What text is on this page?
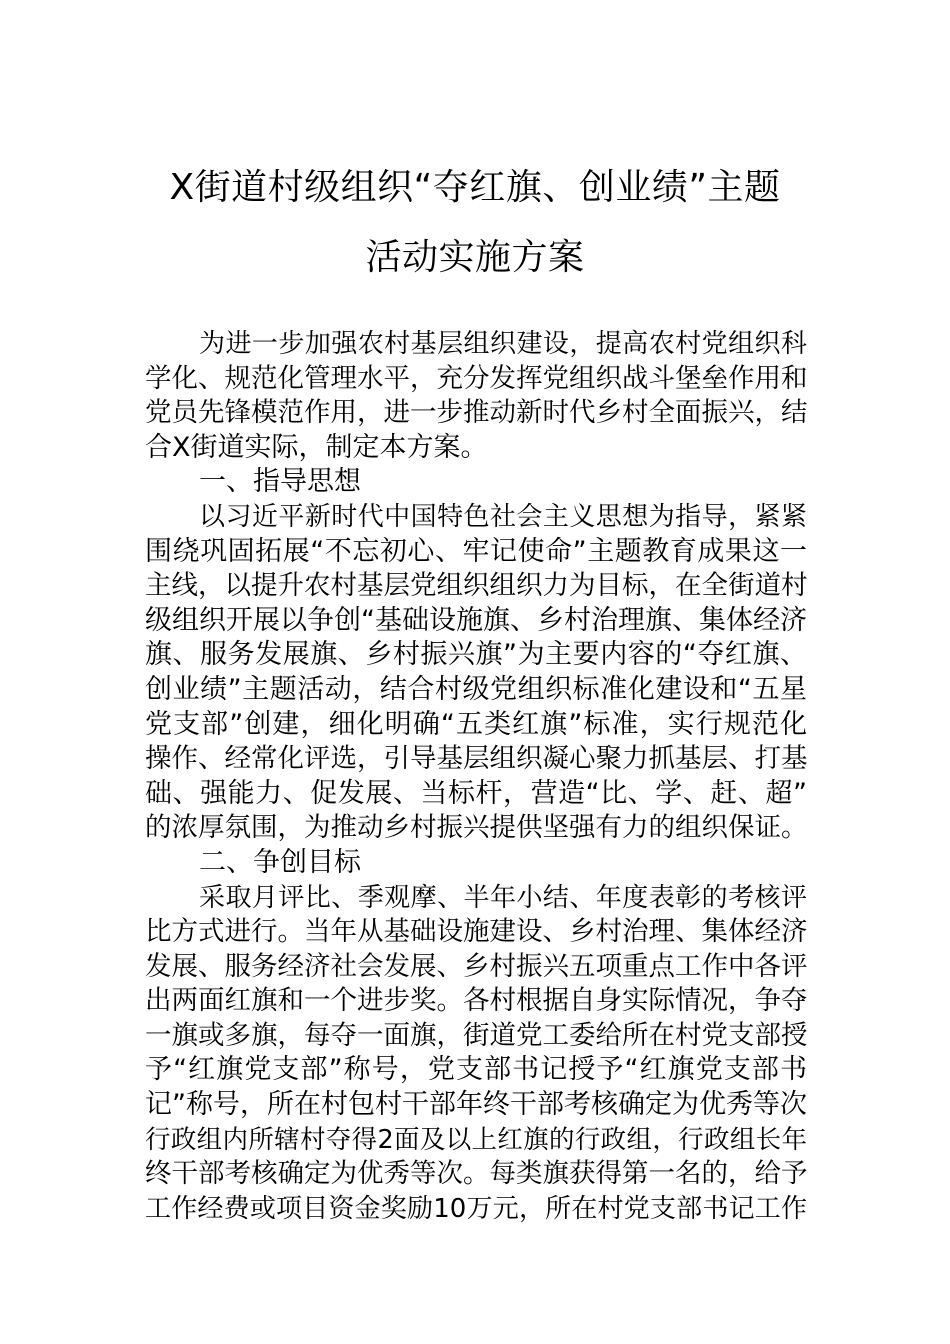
X街道村级组织“夺红旗、创业绩”主题
活动实施方案
为进一步加强农村基层组织建设，提高农村党组织科
学化、规范化管理水平，充分发挥党组织战斗堡垒作用和
党员先锋模范作用，进一步推动新时代乡村全面振兴，结
合X街道实际，制定本方案。
一、指导思想
以习近平新时代中国特色社会主义思想为指导，紧紧
围绕巩固拓展“不忘初心、牢记使命”主题教育成果这一
主线，以提升农村基层党组织组织力为目标，在全街道村
级组织开展以争创“基础设施旗、乡村治理旗、集体经济
旗、服务发展旗、乡村振兴旗”为主要内容的“夺红旗、
创业绩”主题活动，结合村级党组织标准化建设和“五星
党支部”创建，细化明确“五类红旗”标准，实行规范化
操作、经常化评选，引导基层组织凝心聚力抓基层、打基
础、强能力、促发展、当标杆，营造“比、学、赶、超”
的浓厚氛围，为推动乡村振兴提供坚强有力的组织保证。
二、争创目标
采取月评比、季观摩、半年小结、年度表彰的考核评
比方式进行。当年从基础设施建设、乡村治理、集体经济
发展、服务经济社会发展、乡村振兴五项重点工作中各评
出两面红旗和一个进步奖。各村根据自身实际情况，争夺
一旗或多旗，每夺一面旗，街道党工委给所在村党支部授
予“红旗党支部”称号，党支部书记授予“红旗党支部书
记”称号，所在村包村干部年终干部考核确定为优秀等次
行政组内所辖村夺得2面及以上红旗的行政组，行政组长年
终干部考核确定为优秀等次。每类旗获得第一名的，给予
工作经费或项目资金奖励10万元，所在村党支部书记工作
